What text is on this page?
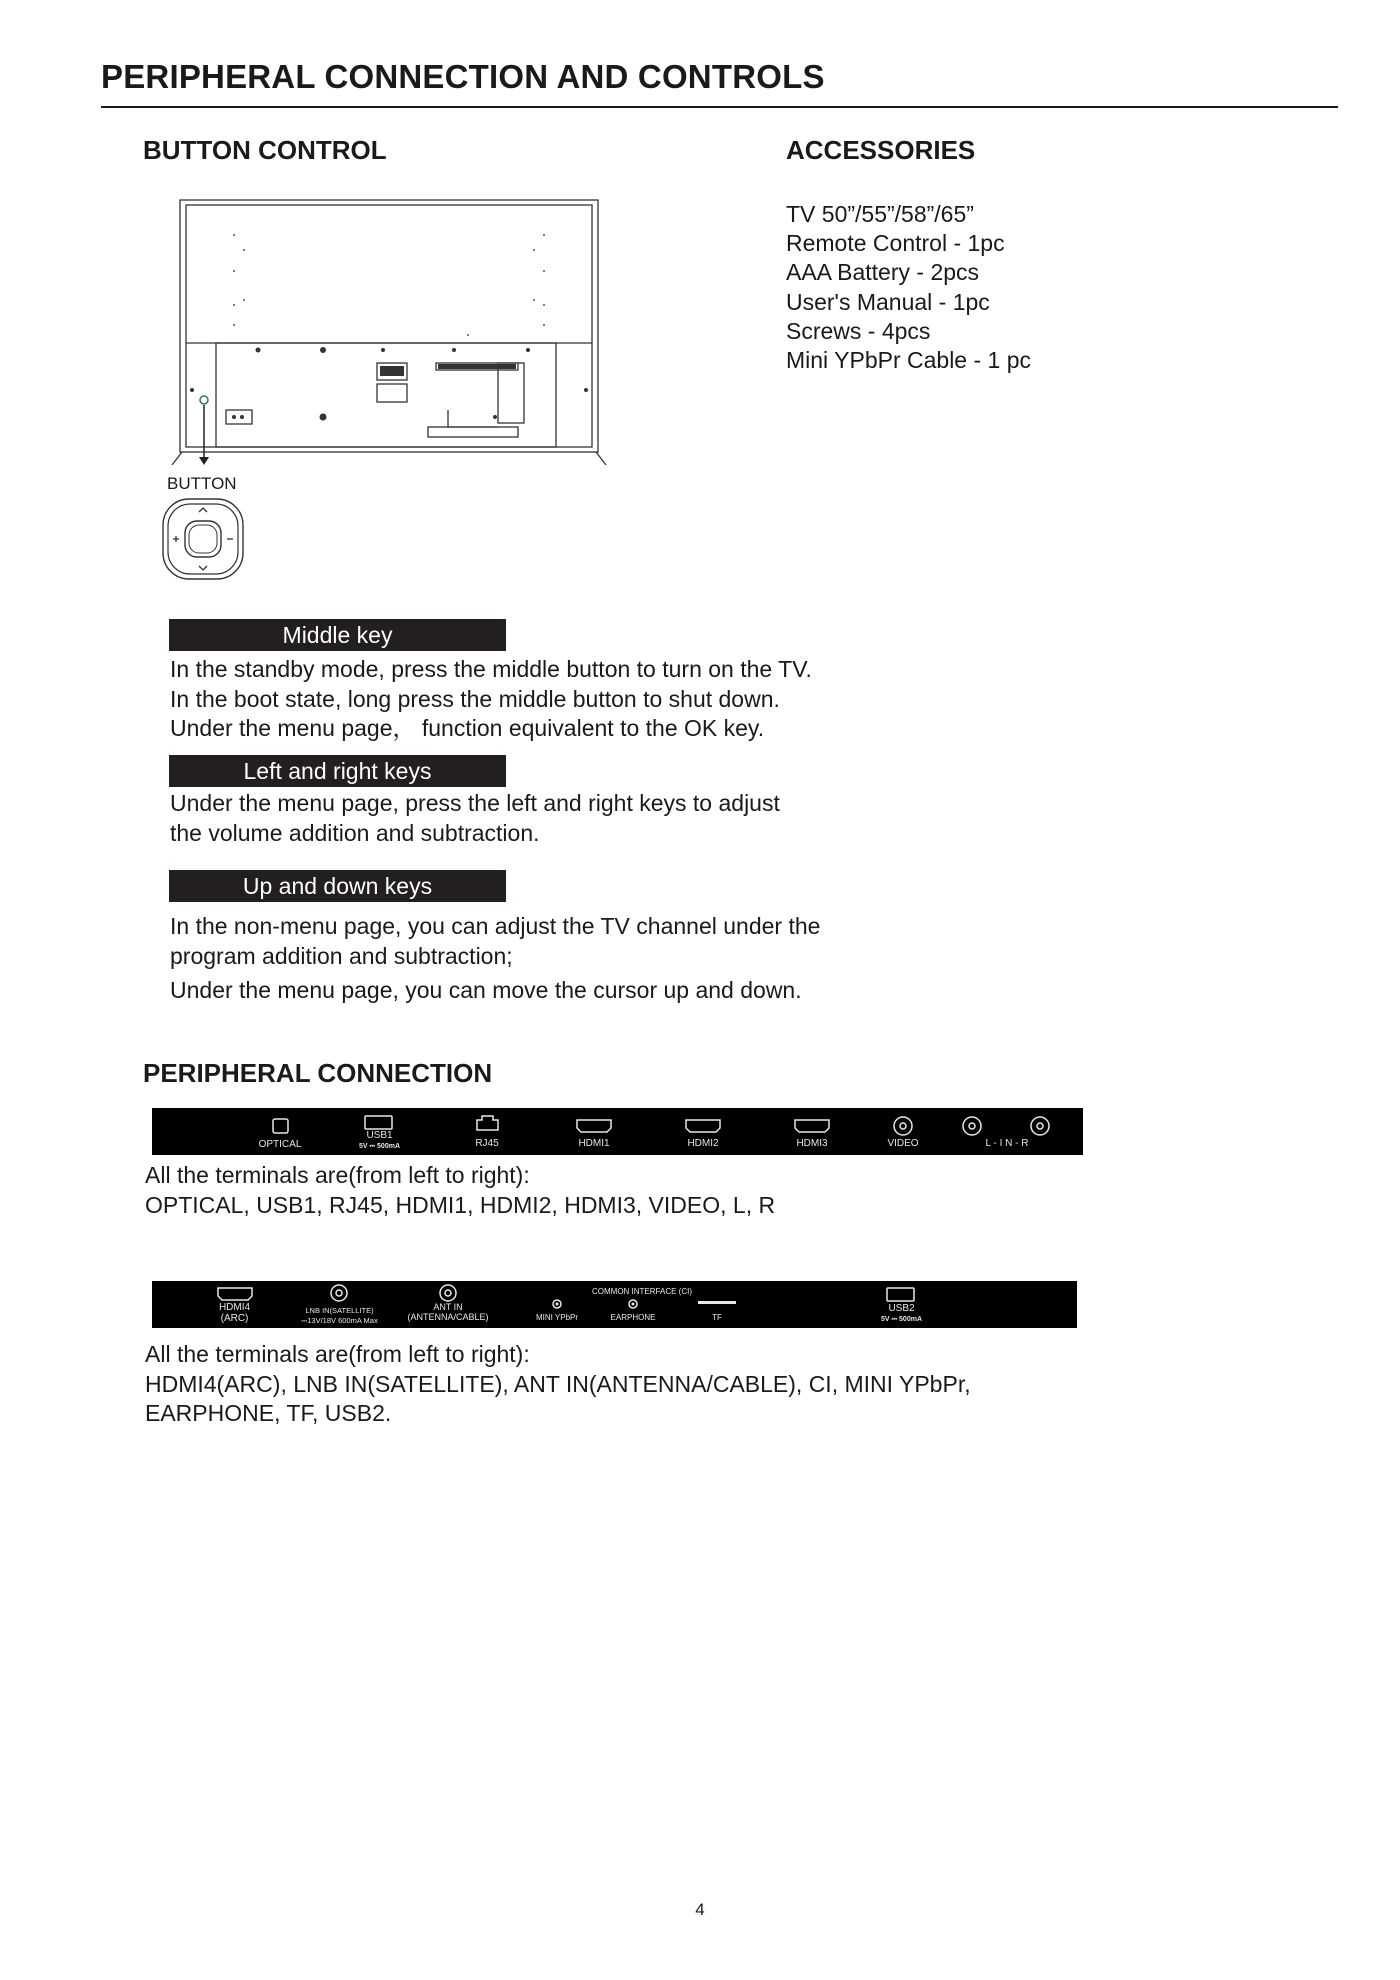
PERIPHERAL CONNECTION AND CONTROLS
BUTTON CONTROL
BUTTON
ACCESSORIES
TV 50”/55”/58”/65”
Remote Control - 1pc
AAA Battery - 2pcs
User's Manual - 1pc
Screws - 4pcs
Mini YPbPr Cable - 1 pc
Middle key
In the standby mode, press the middle button to turn on the TV.
In the boot state, long press the middle button to shut down.
Under the menu page， function equivalent to the OK key.
Left and right keys
Under the menu page, press the left and right keys to adjust
the volume addition and subtraction.
Up and down keys
In the non-menu page, you can adjust the TV channel under the
program addition and subtraction;
Under the menu page, you can move the cursor up and down.
PERIPHERAL CONNECTION
OPTICAL
USB1
5V ⎓ 500mA	RJ45	HDMI1	HDMI2	HDMI3	VIDEO	L - I N - R
All the terminals are(from left to right):
OPTICAL, USB1, RJ45, HDMI1, HDMI2, HDMI3, VIDEO, L, R
HDMI4
(ARC)
LNB IN(SATELLITE)
⎓13V/18V 600mA Max
ANT IN
(ANTENNA/CABLE)
COMMON INTERFACE (CI)
MINI YPbPr	EARPHONE	TF
USB2
5V ⎓ 500mA
All the terminals are(from left to right):
HDMI4(ARC), LNB IN(SATELLITE), ANT IN(ANTENNA/CABLE), CI, MINI YPbPr,
EARPHONE, TF, USB2.
4
